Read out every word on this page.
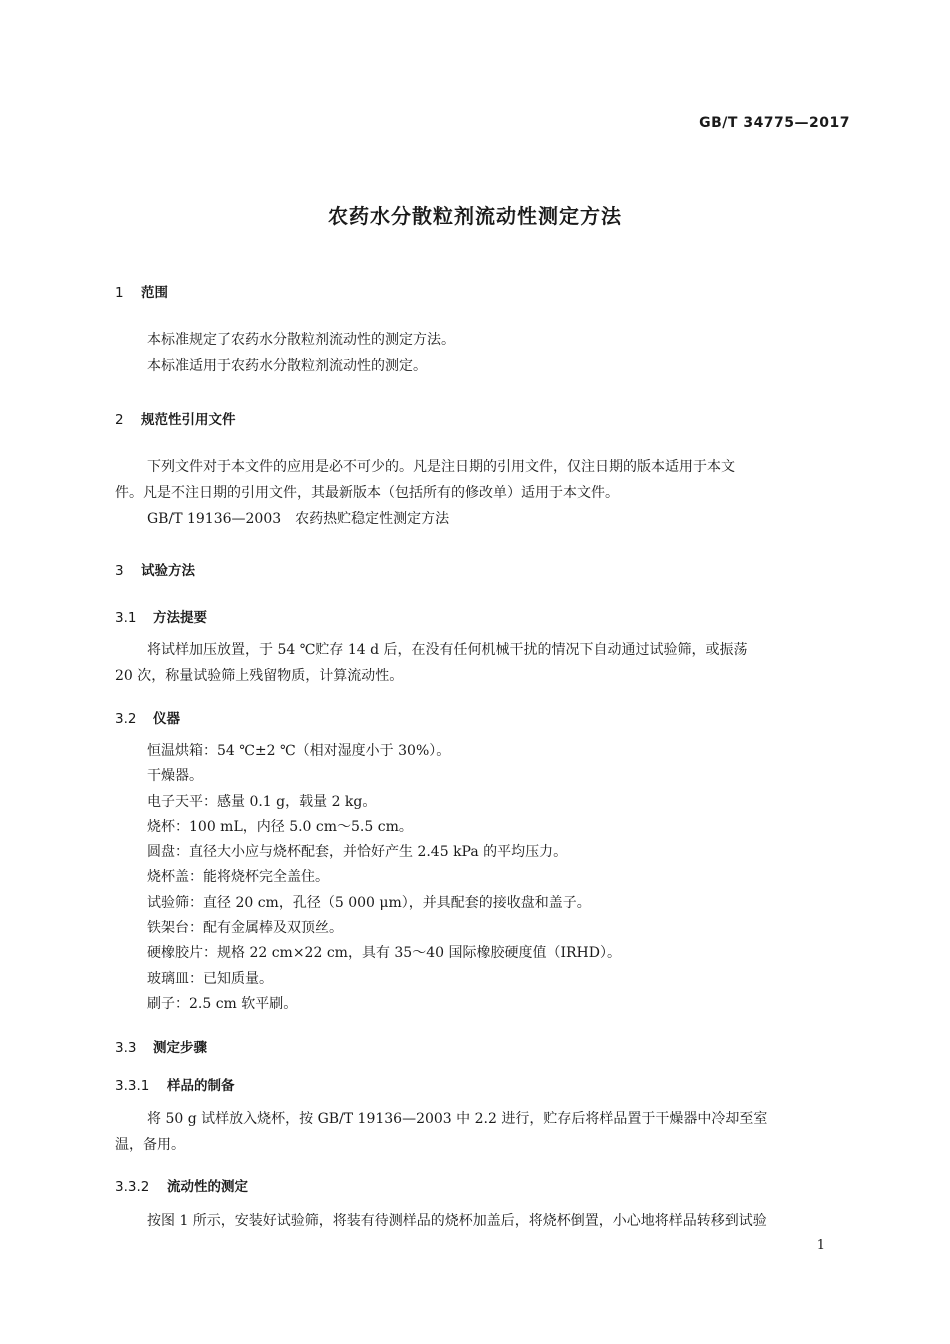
GB/T 34775—2017
农药水分散粒剂流动性测定方法
1 范围
本标准规定了农药水分散粒剂流动性的测定方法。
本标准适用于农药水分散粒剂流动性的测定。
2 规范性引用文件
下列文件对于本文件的应用是必不可少的。凡是注日期的引用文件，仅注日期的版本适用于本文
件。凡是不注日期的引用文件，其最新版本（包括所有的修改单）适用于本文件。
GB/T 19136—2003　农药热贮稳定性测定方法
3 试验方法
3.1 方法提要
将试样加压放置，于 54 ℃贮存 14 d 后，在没有任何机械干扰的情况下自动通过试验筛，或振荡
20 次，称量试验筛上残留物质，计算流动性。
3.2 仪器
恒温烘箱：54 ℃±2 ℃（相对湿度小于 30%）。
干燥器。
电子天平：感量 0.1 g，载量 2 kg。
烧杯：100 mL，内径 5.0 cm～5.5 cm。
圆盘：直径大小应与烧杯配套，并恰好产生 2.45 kPa 的平均压力。
烧杯盖：能将烧杯完全盖住。
试验筛：直径 20 cm，孔径（5 000 μm），并具配套的接收盘和盖子。
铁架台：配有金属棒及双顶丝。
硬橡胶片：规格 22 cm×22 cm，具有 35～40 国际橡胶硬度值（IRHD）。
玻璃皿：已知质量。
刷子：2.5 cm 软平刷。
3.3 测定步骤
3.3.1 样品的制备
将 50 g 试样放入烧杯，按 GB/T 19136—2003 中 2.2 进行，贮存后将样品置于干燥器中冷却至室
温，备用。
3.3.2 流动性的测定
按图 1 所示，安装好试验筛，将装有待测样品的烧杯加盖后，将烧杯倒置，小心地将样品转移到试验
1
